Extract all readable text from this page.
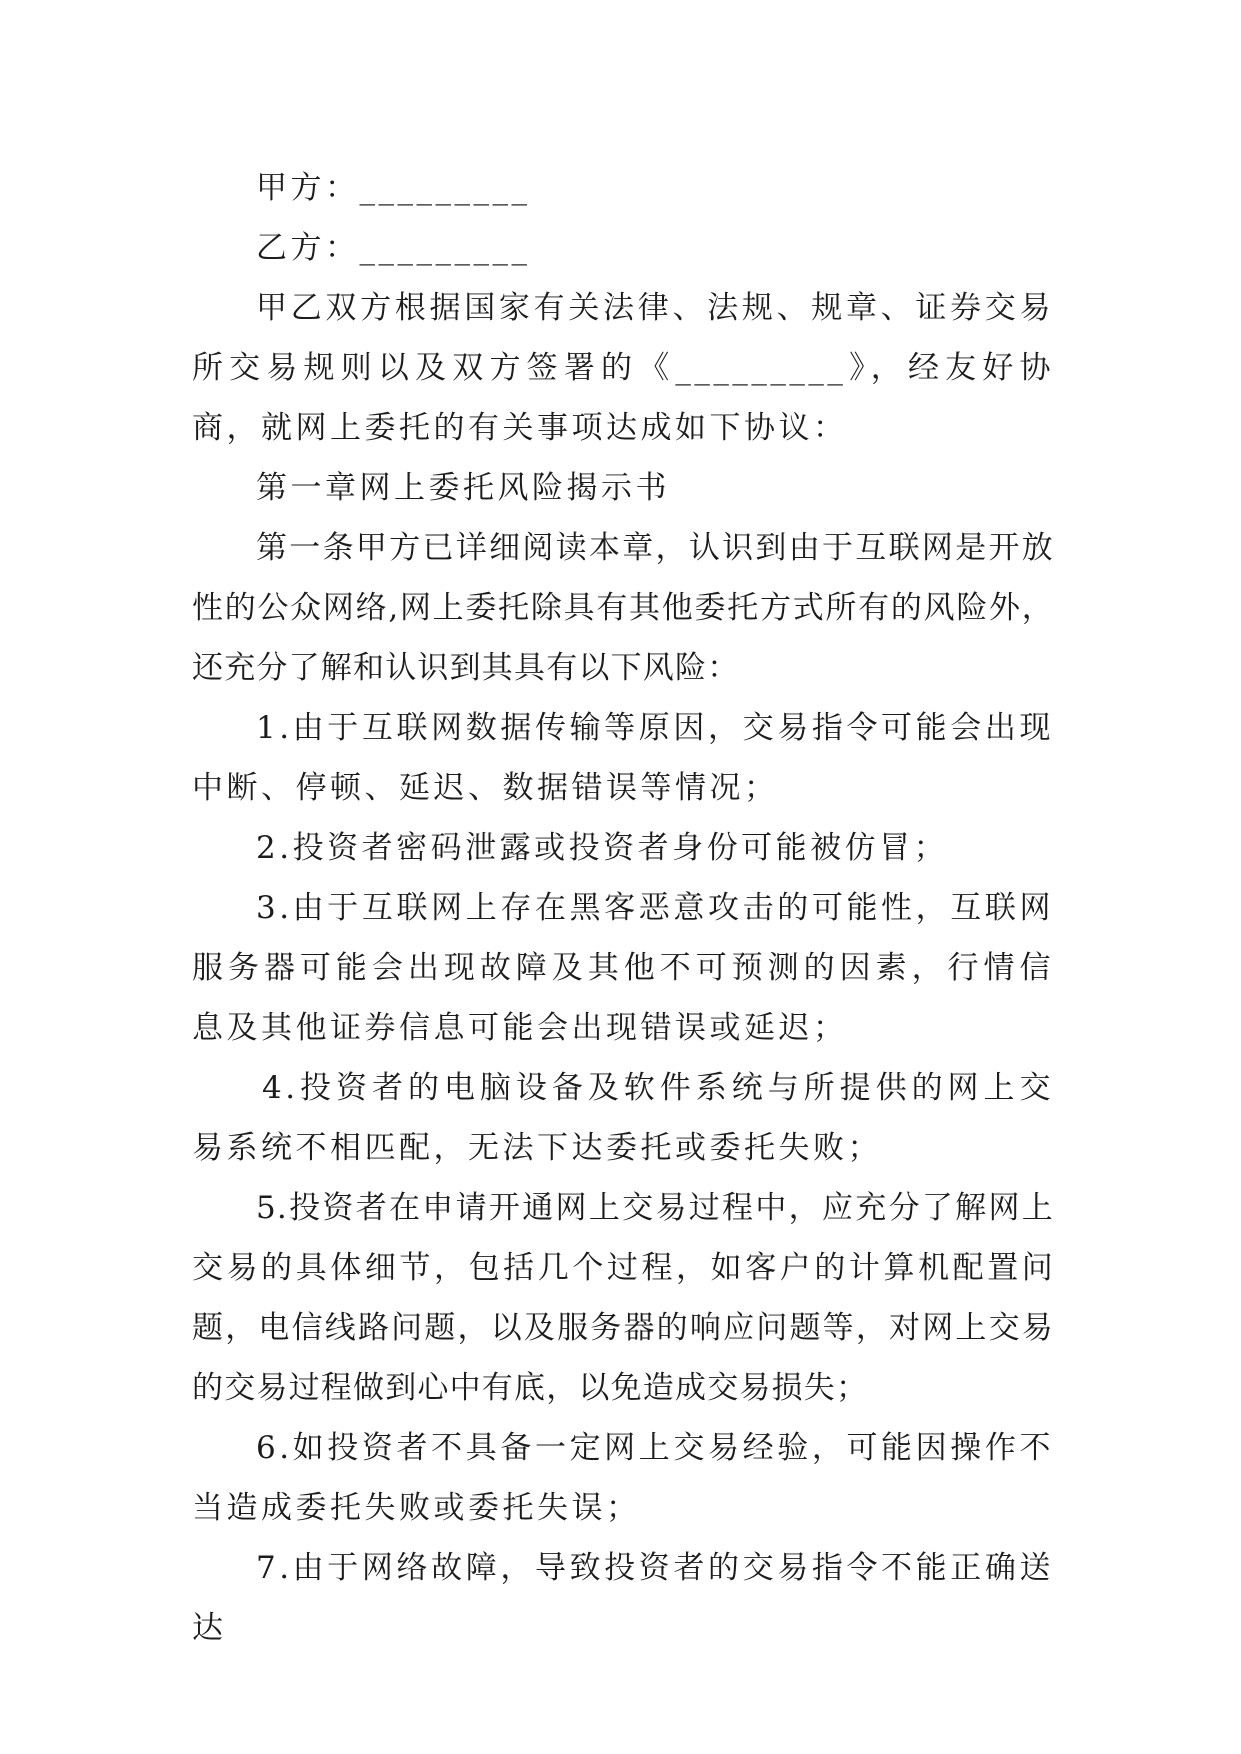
甲方：_________

乙方：_________

甲乙双方根据国家有关法律、法规、规章、证券交易所交易规则以及双方签署的《_________》，经友好协商，就网上委托的有关事项达成如下协议：

第一章网上委托风险揭示书

第一条甲方已详细阅读本章，认识到由于互联网是开放性的公众网络,网上委托除具有其他委托方式所有的风险外，还充分了解和认识到其具有以下风险：

1.由于互联网数据传输等原因，交易指令可能会出现中断、停顿、延迟、数据错误等情况；

2.投资者密码泄露或投资者身份可能被仿冒；

3.由于互联网上存在黑客恶意攻击的可能性，互联网服务器可能会出现故障及其他不可预测的因素，行情信息及其他证券信息可能会出现错误或延迟；

4.投资者的电脑设备及软件系统与所提供的网上交易系统不相匹配，无法下达委托或委托失败；

5.投资者在申请开通网上交易过程中，应充分了解网上交易的具体细节，包括几个过程，如客户的计算机配置问题，电信线路问题，以及服务器的响应问题等，对网上交易的交易过程做到心中有底，以免造成交易损失；

6.如投资者不具备一定网上交易经验，可能因操作不当造成委托失败或委托失误；

7.由于网络故障，导致投资者的交易指令不能正确送达
